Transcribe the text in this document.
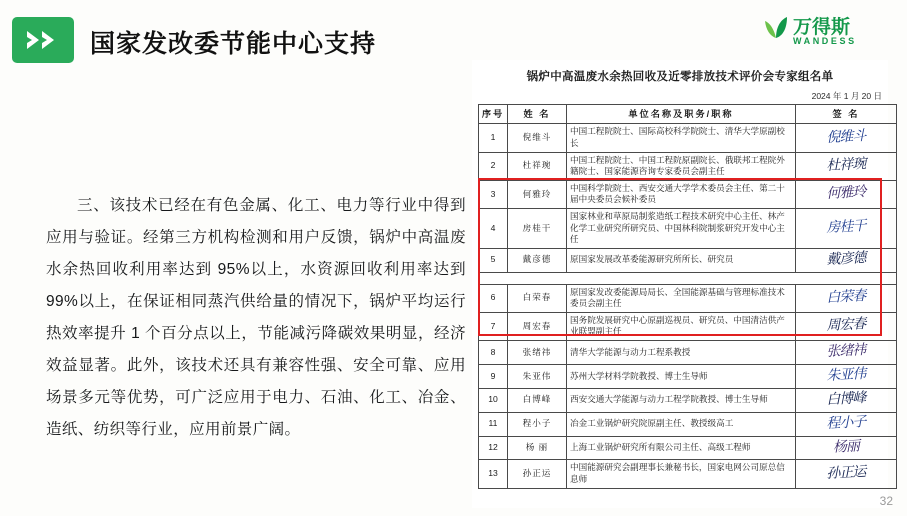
国家发改委节能中心支持
万得斯
WANDESS

三、该技术已经在有色金属、化工、电力等行业中得到应用与验证。经第三方机构检测和用户反馈，锅炉中高温废水余热回收利用率达到 95%以上，水资源回收利用率达到 99%以上，在保证相同蒸汽供给量的情况下，锅炉平均运行热效率提升 1 个百分点以上，节能减污降碳效果明显，经济效益显著。此外，该技术还具有兼容性强、安全可靠、应用场景多元等优势，可广泛应用于电力、石油、化工、冶金、造纸、纺织等行业，应用前景广阔。

锅炉中高温废水余热回收及近零排放技术评价会专家组名单
2024 年 1 月 20 日
序号	姓 名	单位名称及职务/职称	签 名
1	倪维斗	中国工程院院士、国际高校科学院院士、清华大学原副校长	倪维斗

2	杜祥琬	中国工程院院士、中国工程院原副院长、俄联邦工程院外籍院士、国家能源咨询专家委员会副主任	杜祥琬

3	何雅玲	中国科学院院士、西安交通大学学术委员会主任、第二十届中央委员会候补委员	何雅玲

4	房桂干	国家林业和草原局制浆造纸工程技术研究中心主任、林产化学工业研究所研究员、中国林科院制浆研究开发中心主任	房桂干

5	戴彦德	原国家发展改革委能源研究所所长、研究员	戴彦德

6	白荣春	原国家发改委能源局局长、全国能源基础与管理标准技术委员会副主任	白荣春

7	周宏春	国务院发展研究中心原副巡视员、研究员、中国清洁供产业联盟副主任	周宏春

8	张绪祎	清华大学能源与动力工程系教授	张绪祎

9	朱亚伟	苏州大学材料学院教授、博士生导师	朱亚伟

10	白博峰	西安交通大学能源与动力工程学院教授、博士生导师	白博峰

11	程小子	冶金工业锅炉研究院原副主任、教授级高工	程小子

12	杨 丽	上海工业锅炉研究所有限公司主任、高级工程师	杨丽

13	孙正运	中国能源研究会副理事长兼秘书长，国家电网公司原总信息师	孙正运
32
